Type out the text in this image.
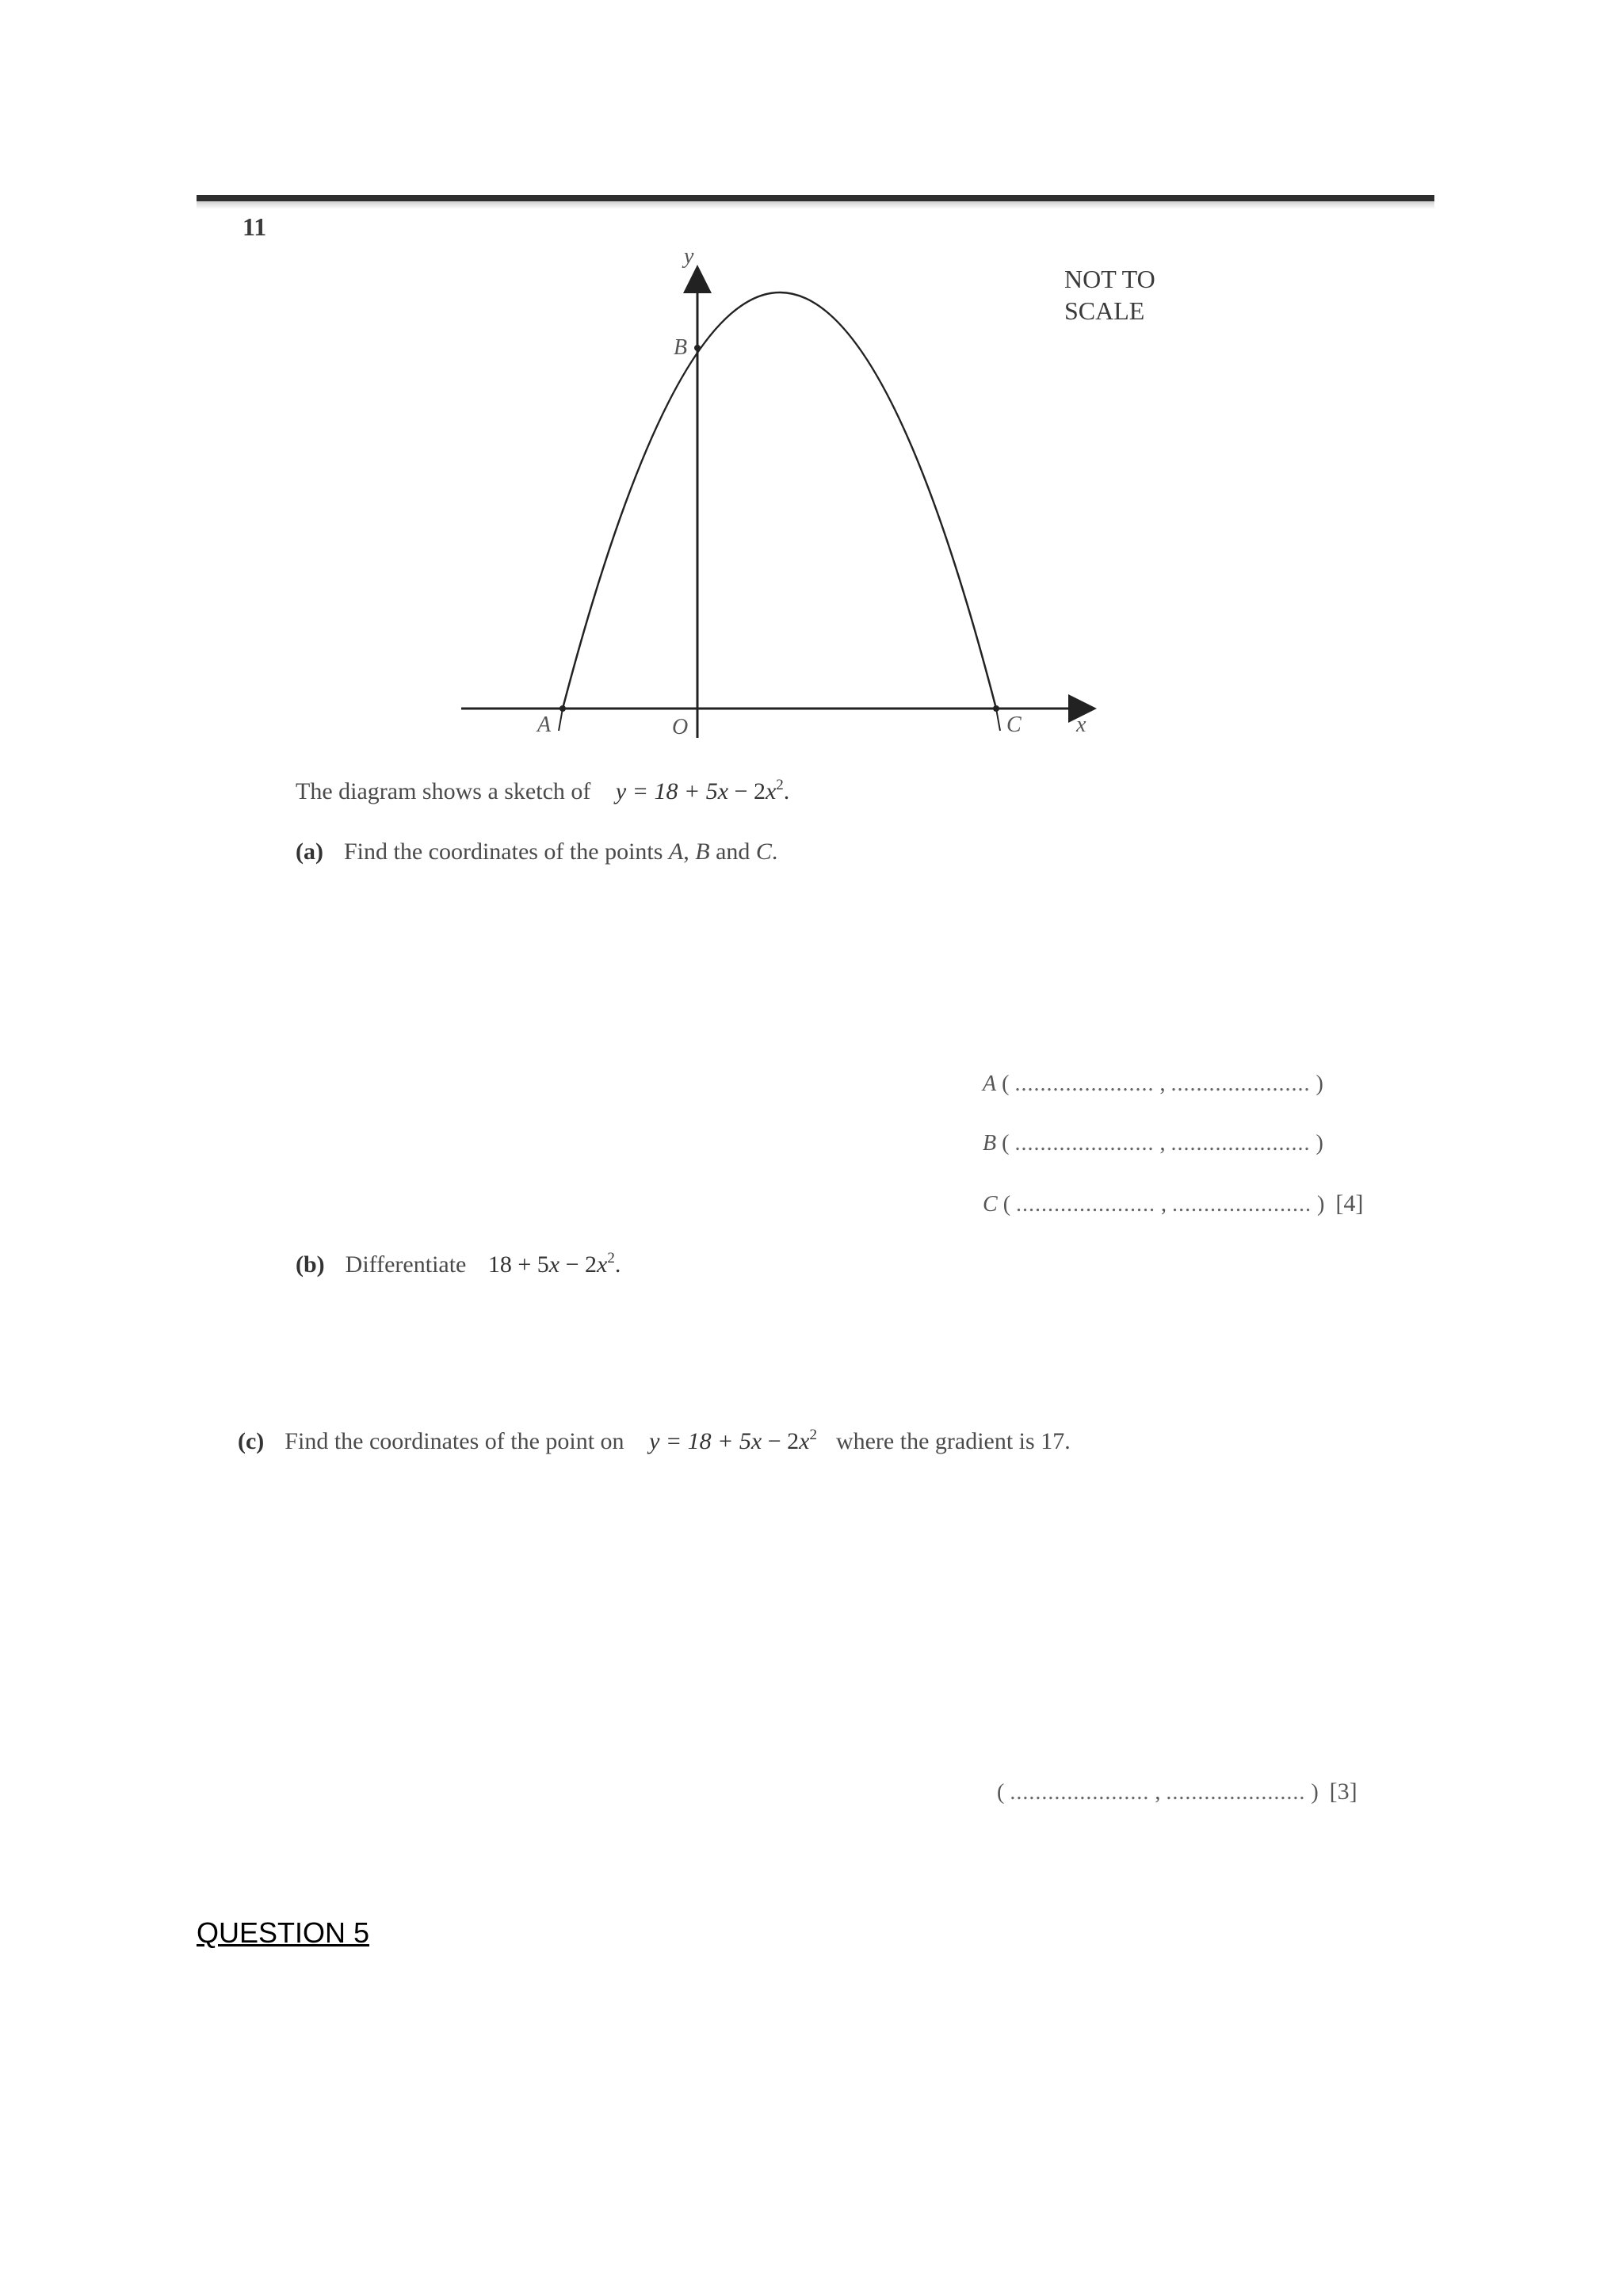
11
NOT TO
SCALE
y
B
A	O	C x
The diagram shows a sketch of $y = 18 + 5x - 2x^2$.
(a) Find the coordinates of the points A, B and C.
A ( ...................... , ...................... )
B ( ...................... , ...................... )
C ( ...................... , ...................... ) [4]
(b) Differentiate $18 + 5x - 2x^2$.
(c) Find the coordinates of the point on $y = 18 + 5x - 2x^2$ where the gradient is 17.
( ...................... , ...................... ) [3]
QUESTION 5
